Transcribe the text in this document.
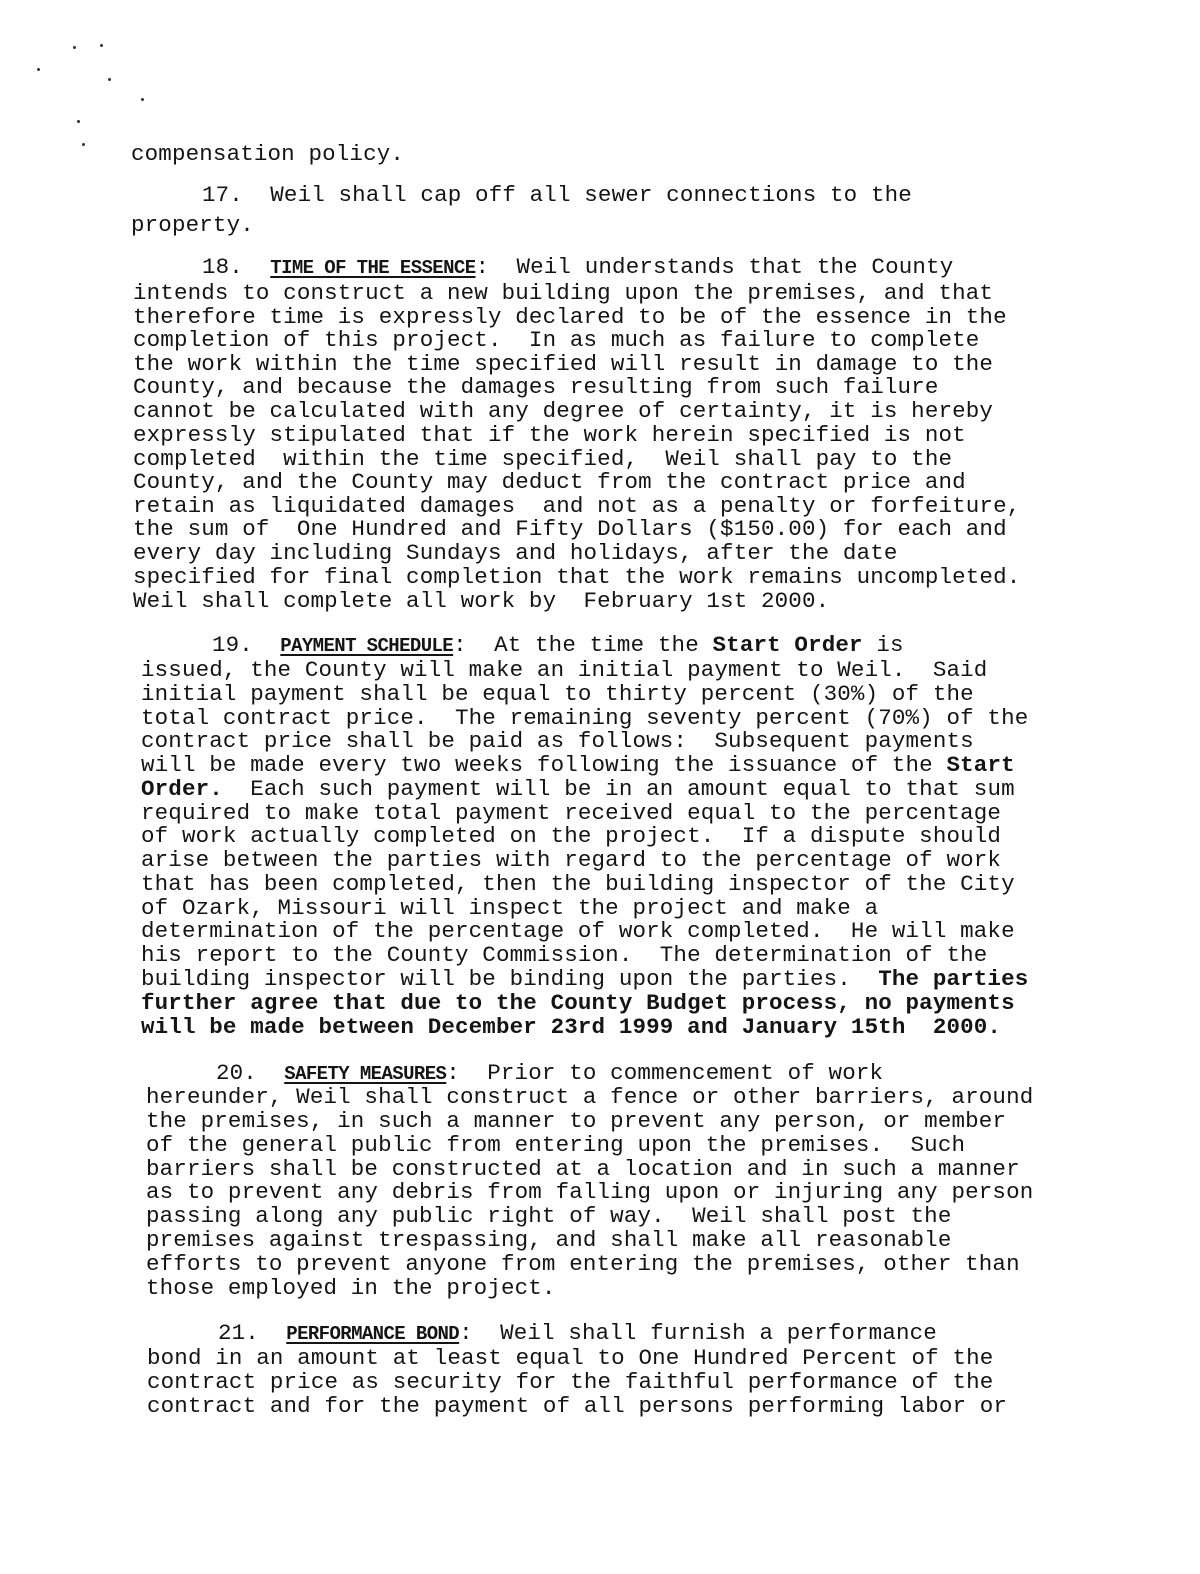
compensation policy.
17.  Weil shall cap off all sewer connections to the
property.
18.  TIME OF THE ESSENCE:  Weil understands that the County
intends to construct a new building upon the premises, and that
therefore time is expressly declared to be of the essence in the
completion of this project.  In as much as failure to complete
the work within the time specified will result in damage to the
County, and because the damages resulting from such failure
cannot be calculated with any degree of certainty, it is hereby
expressly stipulated that if the work herein specified is not
completed  within the time specified,  Weil shall pay to the
County, and the County may deduct from the contract price and
retain as liquidated damages  and not as a penalty or forfeiture,
the sum of  One Hundred and Fifty Dollars ($150.00) for each and
every day including Sundays and holidays, after the date
specified for final completion that the work remains uncompleted.
Weil shall complete all work by  February 1st 2000.
19.  PAYMENT SCHEDULE:  At the time the Start Order is
issued, the County will make an initial payment to Weil.  Said
initial payment shall be equal to thirty percent (30%) of the
total contract price.  The remaining seventy percent (70%) of the
contract price shall be paid as follows:  Subsequent payments
will be made every two weeks following the issuance of the Start
Order.  Each such payment will be in an amount equal to that sum
required to make total payment received equal to the percentage
of work actually completed on the project.  If a dispute should
arise between the parties with regard to the percentage of work
that has been completed, then the building inspector of the City
of Ozark, Missouri will inspect the project and make a
determination of the percentage of work completed.  He will make
his report to the County Commission.  The determination of the
building inspector will be binding upon the parties.  The parties
further agree that due to the County Budget process, no payments
will be made between December 23rd 1999 and January 15th  2000.
20.  SAFETY MEASURES:  Prior to commencement of work
hereunder, Weil shall construct a fence or other barriers, around
the premises, in such a manner to prevent any person, or member
of the general public from entering upon the premises.  Such
barriers shall be constructed at a location and in such a manner
as to prevent any debris from falling upon or injuring any person
passing along any public right of way.  Weil shall post the
premises against trespassing, and shall make all reasonable
efforts to prevent anyone from entering the premises, other than
those employed in the project.
21.  PERFORMANCE BOND:  Weil shall furnish a performance
bond in an amount at least equal to One Hundred Percent of the
contract price as security for the faithful performance of the
contract and for the payment of all persons performing labor or
